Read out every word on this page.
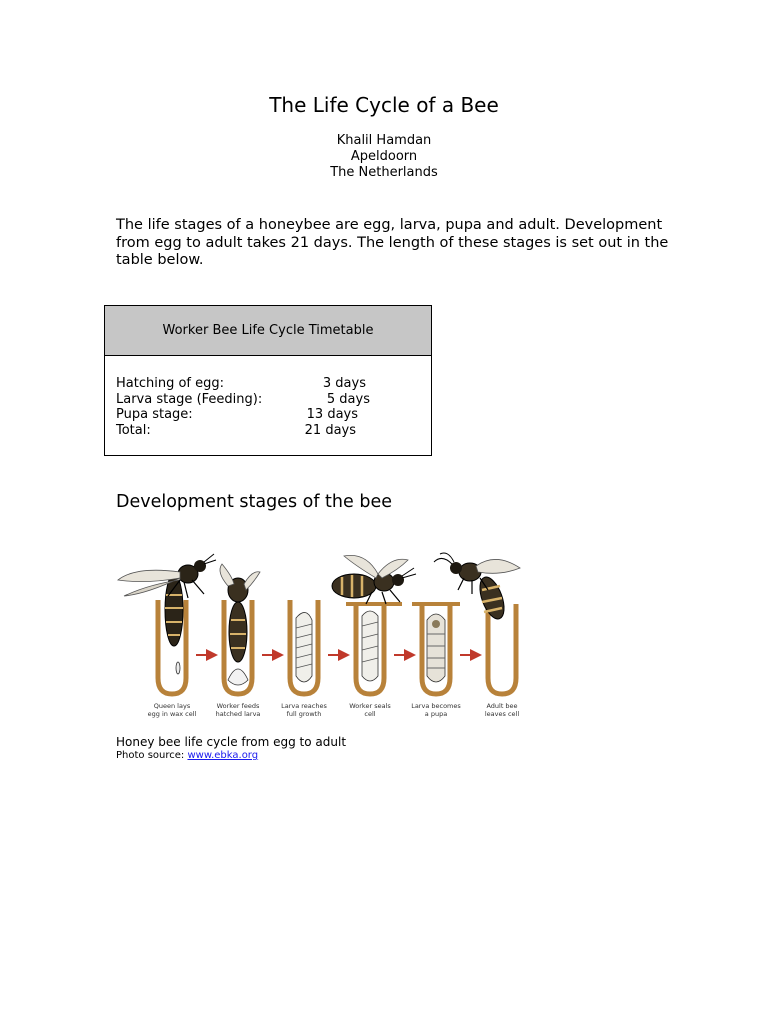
The Life Cycle of a Bee
Khalil Hamdan
Apeldoorn
The Netherlands

The life stages of a honeybee are egg, larva, pupa and adult. Development from egg to adult takes 21 days. The length of these stages is set out in the table below.

Worker Bee Life Cycle Timetable
Hatching of egg:	3 days
Larva stage (Feeding):	5 days
Pupa stage:	13 days
Total:	21 days
Development stages of the bee
Queen lays
egg in wax cell
Worker feeds
hatched larva
Larva reaches
full growth
Worker seals
cell
Larva becomes
a pupa
Adult bee
leaves cell
Honey bee life cycle from egg to adult
Photo source: www.ebka.org
